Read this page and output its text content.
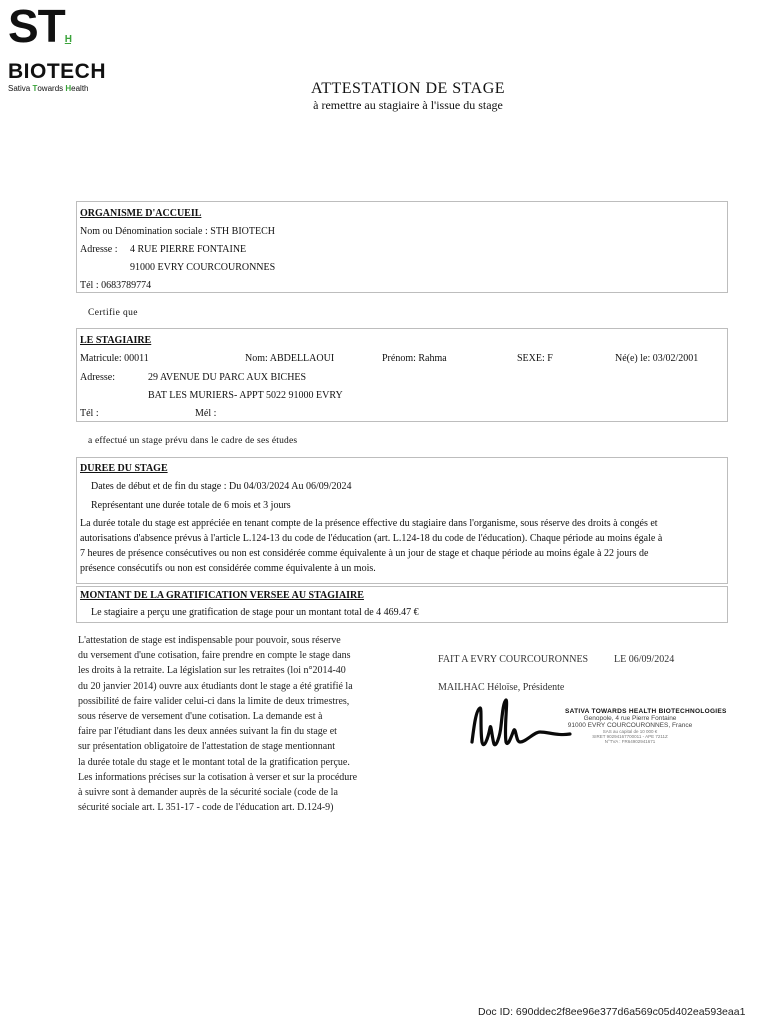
STH
BIOTECH
Sativa Towards Health	ATTESTATION DE STAGE
à remettre au stagiaire à l'issue du stage
ORGANISME D'ACCUEIL
Nom ou Dénomination sociale : STH BIOTECH
Adresse : 4 RUE PIERRE FONTAINE
91000 EVRY COURCOURONNES
Tél : 0683789774
Certifie que
LE STAGIAIRE
Matricule: 00011	Nom: ABDELLAOUI	Prénom: Rahma	SEXE: F	Né(e) le: 03/02/2001
Adresse:	29 AVENUE DU PARC AUX BICHES
BAT LES MURIERS- APPT 5022 91000 EVRY
Tél :	Mél :
a effectué un stage prévu dans le cadre de ses études
DUREE DU STAGE
Dates de début et de fin du stage : Du 04/03/2024 Au 06/09/2024
Représentant une durée totale de 6 mois et 3 jours
La durée totale du stage est appréciée en tenant compte de la présence effective du stagiaire dans l'organisme, sous réserve des droits à congés et
autorisations d'absence prévus à l'article L.124-13 du code de l'éducation (art. L.124-18 du code de l'éducation). Chaque période au moins égale à
7 heures de présence consécutives ou non est considérée comme équivalente à un jour de stage et chaque période au moins égale à 22 jours de
présence consécutifs ou non est considérée comme équivalente à un mois.
MONTANT DE LA GRATIFICATION VERSEE AU STAGIAIRE
Le stagiaire a perçu une gratification de stage pour un montant total de 4 469.47 €
L'attestation de stage est indispensable pour pouvoir, sous réserve
du versement d'une cotisation, faire prendre en compte le stage dans
les droits à la retraite. La législation sur les retraites (loi n°2014-40
du 20 janvier 2014) ouvre aux étudiants dont le stage a été gratifié la
possibilité de faire valider celui-ci dans la limite de deux trimestres,
sous réserve de versement d'une cotisation. La demande est à
faire par l'étudiant dans les deux années suivant la fin du stage et
sur présentation obligatoire de l'attestation de stage mentionnant
la durée totale du stage et le montant total de la gratification perçue.
Les informations précises sur la cotisation à verser et sur la procédure
à suivre sont à demander auprès de la sécurité sociale (code de la
sécurité sociale art. L 351-17 - code de l'éducation art. D.124-9)
FAIT A EVRY COURCOURONNES	LE 06/09/2024
MAILHAC Héloïse, Présidente
SATIVA TOWARDS HEALTH BIOTECHNOLOGIES
Genopole, 4 rue Pierre Fontaine
91000 EVRY COURCOURONNES, France
SAS au capital de 10 000 €
SIRET 90294167700011 - APE 7211Z
N°TVA : FR64902941671
Doc ID: 690ddec2f8ee96e377d6a569c05d402ea593eaa1
